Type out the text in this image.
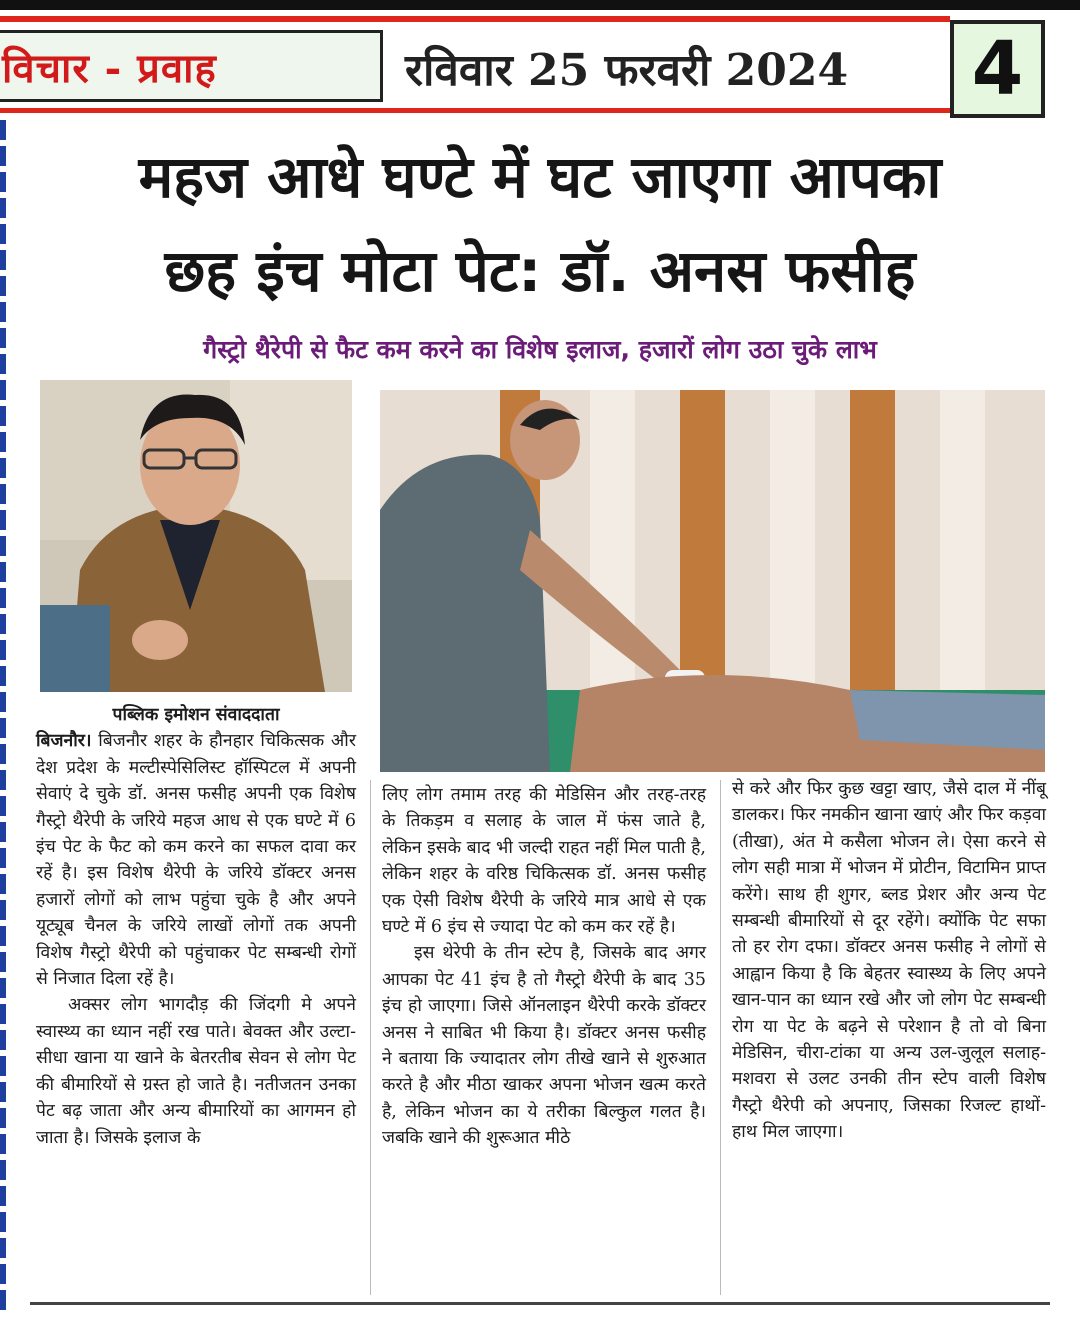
विचार - प्रवाह	रविवार 25 फरवरी 2024 4
महज आधे घण्टे में घट जाएगा आपका
छह इंच मोटा पेट: डॉ. अनस फसीह
गैस्ट्रो थैरेपी से फैट कम करने का विशेष इलाज, हजारों लोग उठा चुके लाभ

पब्लिक इमोशन संवाददाता

बिजनौर। बिजनौर शहर के हौनहार चिकित्सक और देश प्रदेश के मल्टीस्पेसिलिस्ट हॉस्पिटल में अपनी सेवाएं दे चुके डॉ. अनस फसीह अपनी एक विशेष गैस्ट्रो थैरेपी के जरिये महज आध से एक घण्टे में 6 इंच पेट के फैट को कम करने का सफल दावा कर रहें है। इस विशेष थैरेपी के जरिये डॉक्टर अनस हजारों लोगों को लाभ पहुंचा चुके है और अपने यूट्यूब चैनल के जरिये लाखों लोगों तक अपनी विशेष गैस्ट्रो थैरेपी को पहुंचाकर पेट सम्बन्धी रोगों से निजात दिला रहें है।

अक्सर लोग भागदौड़ की जिंदगी मे अपने स्वास्थ्य का ध्यान नहीं रख पाते। बेवक्त और उल्टा-सीधा खाना या खाने के बेतरतीब सेवन से लोग पेट की बीमारियों से ग्रस्त हो जाते है। नतीजतन उनका पेट बढ़ जाता और अन्य बीमारियों का आगमन हो जाता है। जिसके इलाज के

लिए लोग तमाम तरह की मेडिसिन और तरह-तरह के तिकड़म व सलाह के जाल में फंस जाते है, लेकिन इसके बाद भी जल्दी राहत नहीं मिल पाती है, लेकिन शहर के वरिष्ठ चिकित्सक डॉ. अनस फसीह एक ऐसी विशेष थैरेपी के जरिये मात्र आधे से एक घण्टे में 6 इंच से ज्यादा पेट को कम कर रहें है।

इस थेरेपी के तीन स्टेप है, जिसके बाद अगर आपका पेट 41 इंच है तो गैस्ट्रो थैरेपी के बाद 35 इंच हो जाएगा। जिसे ऑनलाइन थैरेपी करके डॉक्टर अनस ने साबित भी किया है। डॉक्टर अनस फसीह ने बताया कि ज्यादातर लोग तीखे खाने से शुरुआत करते है और मीठा खाकर अपना भोजन खत्म करते है, लेकिन भोजन का ये तरीका बिल्कुल गलत है। जबकि खाने की शुरूआत मीठे

से करे और फिर कुछ खट्टा खाए, जैसे दाल में नींबू डालकर। फिर नमकीन खाना खाएं और फिर कड़वा (तीखा), अंत मे कसैला भोजन ले। ऐसा करने से लोग सही मात्रा में भोजन में प्रोटीन, विटामिन प्राप्त करेंगे। साथ ही शुगर, ब्लड प्रेशर और अन्य पेट सम्बन्धी बीमारियों से दूर रहेंगे। क्योंकि पेट सफा तो हर रोग दफा। डॉक्टर अनस फसीह ने लोगों से आह्वान किया है कि बेहतर स्वास्थ्य के लिए अपने खान-पान का ध्यान रखे और जो लोग पेट सम्बन्धी रोग या पेट के बढ़ने से परेशान है तो वो बिना मेडिसिन, चीरा-टांका या अन्य उल-जुलूल सलाह-मशवरा से उलट उनकी तीन स्टेप वाली विशेष गैस्ट्रो थैरेपी को अपनाए, जिसका रिजल्ट हाथों-हाथ मिल जाएगा।
